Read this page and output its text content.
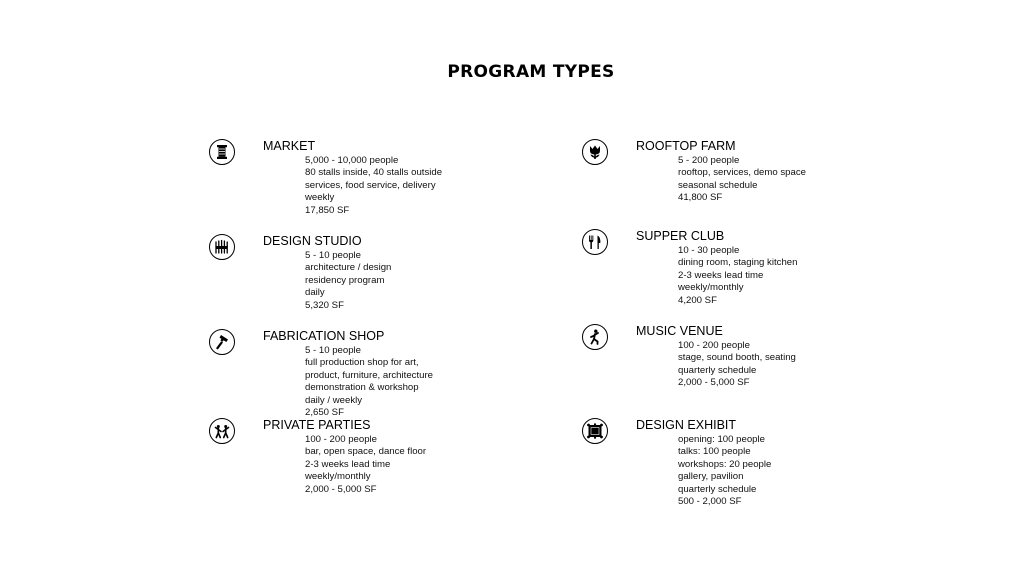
PROGRAM TYPES
MARKET
5,000 - 10,000 people
80 stalls inside, 40 stalls outside
services, food service, delivery
weekly
17,850 SF
ROOFTOP FARM
5 - 200 people
rooftop, services, demo space
seasonal schedule
41,800 SF
DESIGN STUDIO
5 - 10 people
architecture / design
residency program
daily
5,320 SF
SUPPER CLUB
10 - 30 people
dining room, staging kitchen
2-3 weeks lead time
weekly/monthly
4,200 SF
FABRICATION SHOP
5 - 10 people
full production shop for art,
product, furniture, architecture
demonstration & workshop
daily / weekly
2,650 SF
MUSIC VENUE
100 - 200 people
stage, sound booth, seating
quarterly schedule
2,000 - 5,000 SF
PRIVATE PARTIES
100 - 200 people
bar, open space, dance floor
2-3 weeks lead time
weekly/monthly
2,000 - 5,000 SF
DESIGN EXHIBIT
opening: 100 people
talks: 100 people
workshops: 20 people
gallery, pavilion
quarterly schedule
500 - 2,000 SF
